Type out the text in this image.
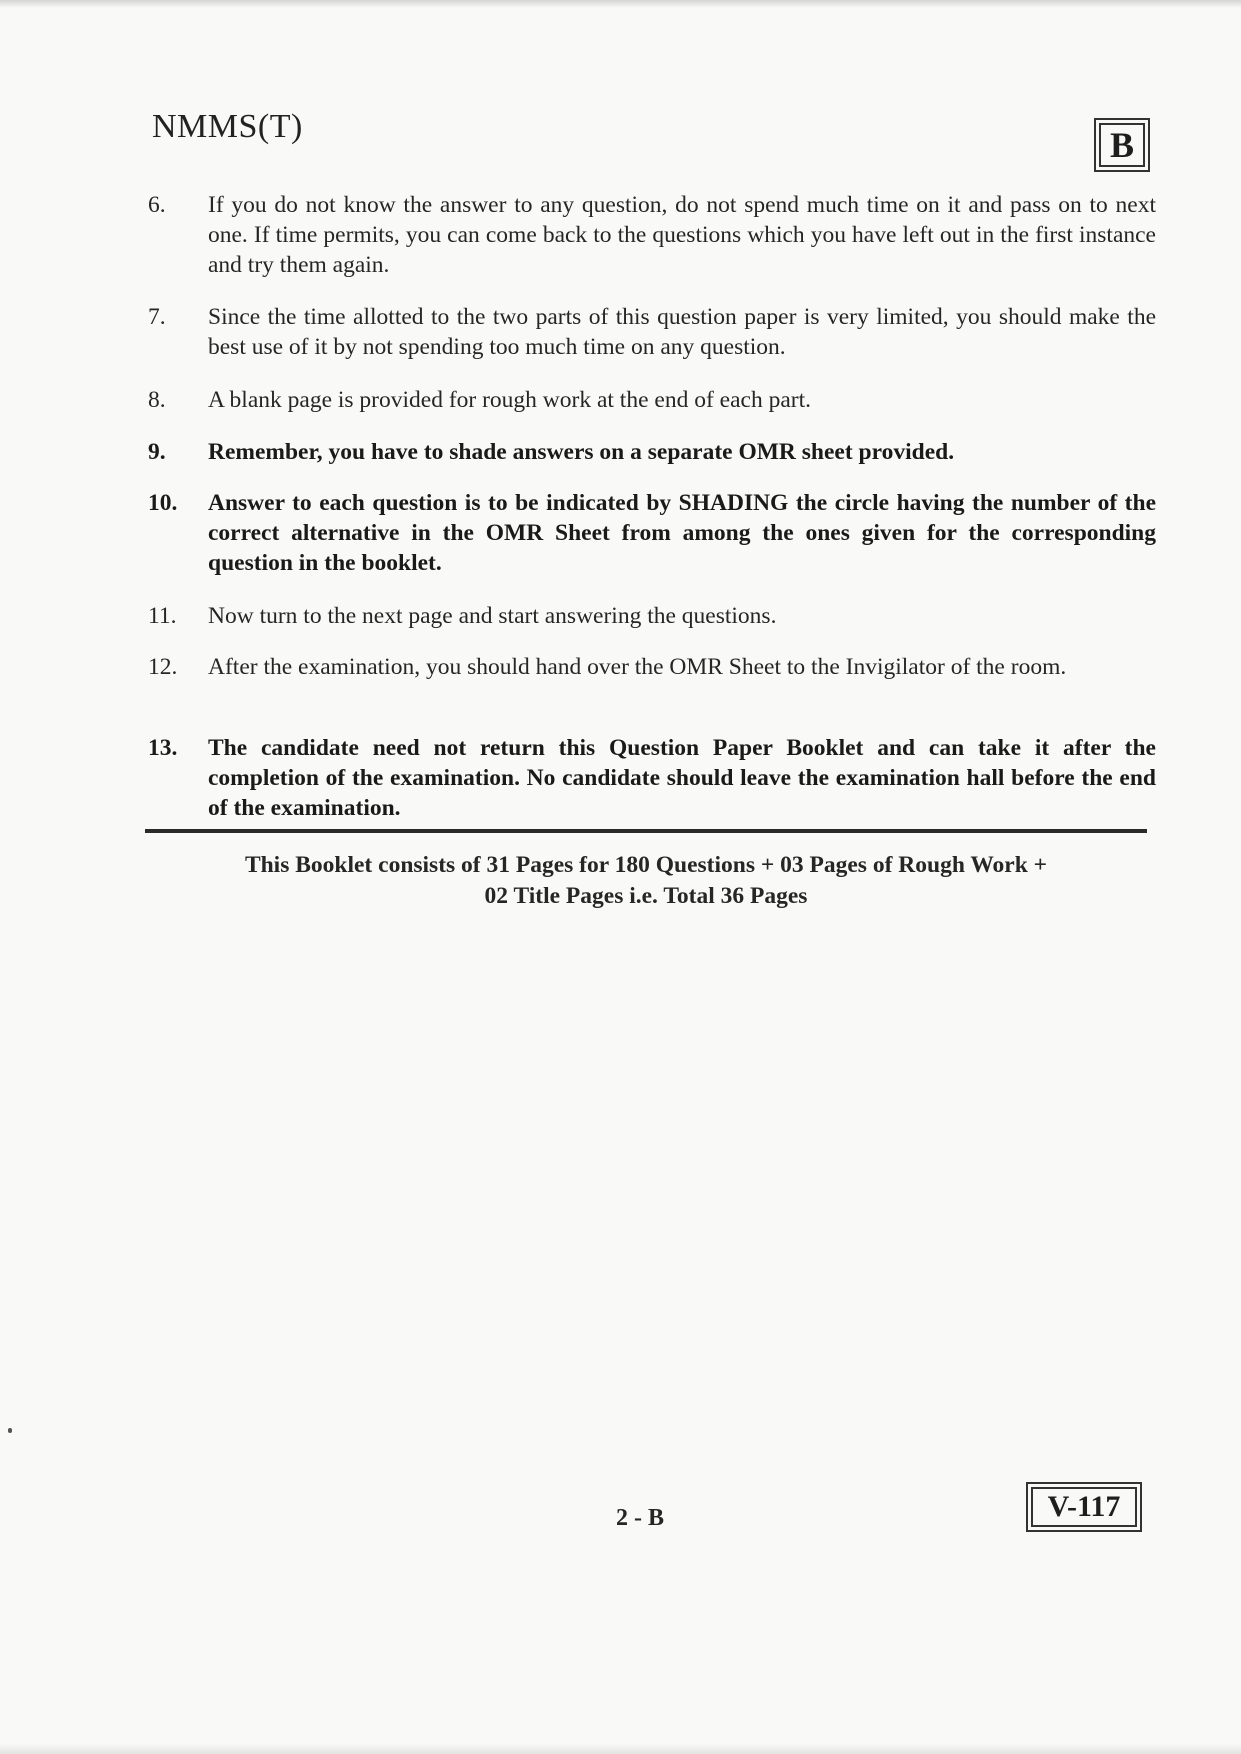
NMMS(T)	B
6.	If you do not know the answer to any question, do not spend much time on it and pass on to next one. If time permits, you can come back to the questions which you have left out in the first instance and try them again.
7.	Since the time allotted to the two parts of this question paper is very limited, you should make the best use of it by not spending too much time on any question.
8.	A blank page is provided for rough work at the end of each part.
9.	Remember, you have to shade answers on a separate OMR sheet provided.
10.	Answer to each question is to be indicated by SHADING the circle having the number of the correct alternative in the OMR Sheet from among the ones given for the corresponding question in the booklet.
11.	Now turn to the next page and start answering the questions.
12.	After the examination, you should hand over the OMR Sheet to the Invigilator of the room.
13.	The candidate need not return this Question Paper Booklet and can take it after the completion of the examination. No candidate should leave the examination hall before the end of the examination.
This Booklet consists of 31 Pages for 180 Questions + 03 Pages of Rough Work +
02 Title Pages i.e. Total 36 Pages
2 - B	V-117
